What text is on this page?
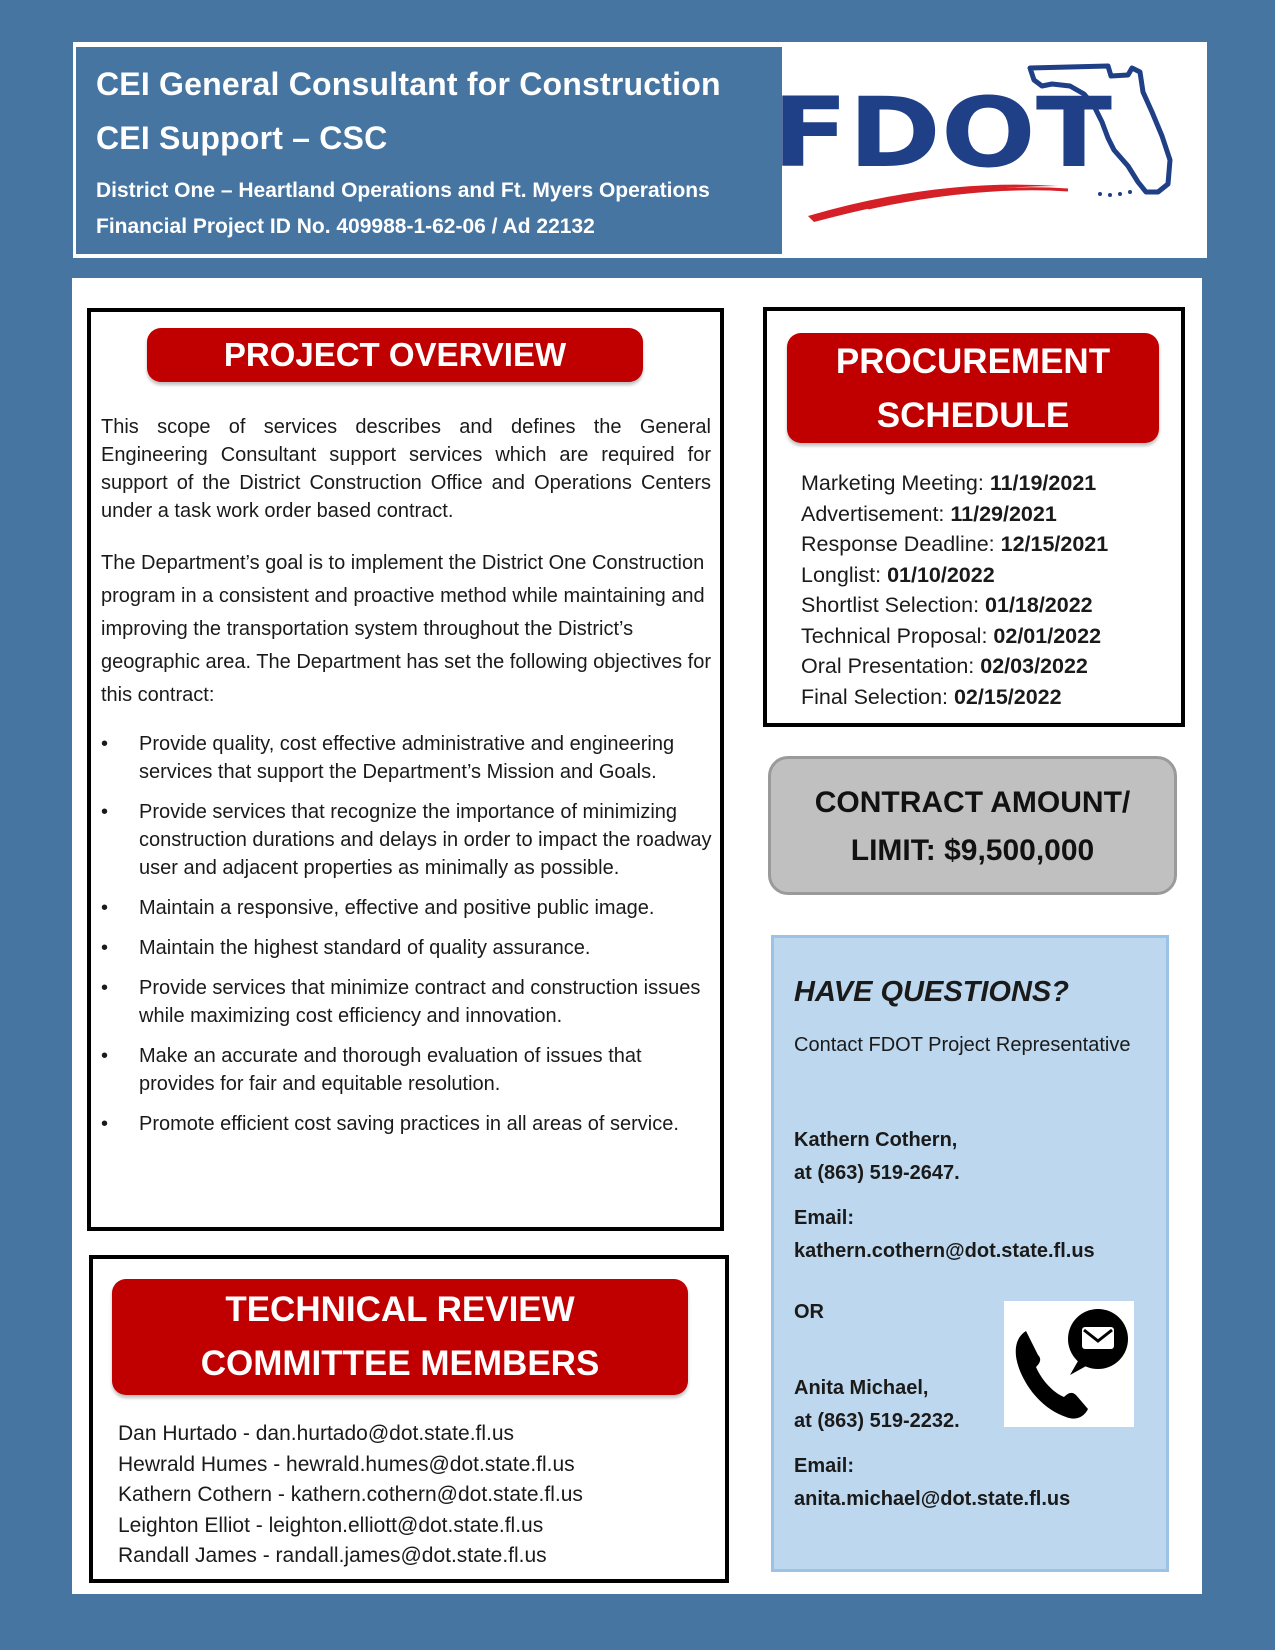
CEI General Consultant for Construction
CEI Support – CSC
District One – Heartland Operations and Ft. Myers Operations
Financial Project ID No. 409988-1-62-06 / Ad 22132
FDOT
PROJECT OVERVIEW
This scope of services describes and defines the General Engineering Consultant support services which are required for support of the District Construction Office and Operations Centers under a task work order based contract.
The Department’s goal is to implement the District One Construction program in a consistent and proactive method while maintaining and improving the transportation system throughout the District’s geographic area. The Department has set the following objectives for this contract:
• Provide quality, cost effective administrative and engineering services that support the Department’s Mission and Goals.
• Provide services that recognize the importance of minimizing construction durations and delays in order to impact the roadway user and adjacent properties as minimally as possible.
• Maintain a responsive, effective and positive public image.
• Maintain the highest standard of quality assurance.
• Provide services that minimize contract and construction issues while maximizing cost efficiency and innovation.
• Make an accurate and thorough evaluation of issues that provides for fair and equitable resolution.
• Promote efficient cost saving practices in all areas of service.
TECHNICAL REVIEW
COMMITTEE MEMBERS
Dan Hurtado - dan.hurtado@dot.state.fl.us
Hewrald Humes - hewrald.humes@dot.state.fl.us
Kathern Cothern - kathern.cothern@dot.state.fl.us
Leighton Elliot - leighton.elliott@dot.state.fl.us
Randall James - randall.james@dot.state.fl.us
PROCUREMENT
SCHEDULE
Marketing Meeting: 11/19/2021
Advertisement: 11/29/2021
Response Deadline: 12/15/2021
Longlist: 01/10/2022
Shortlist Selection: 01/18/2022
Technical Proposal: 02/01/2022
Oral Presentation: 02/03/2022
Final Selection: 02/15/2022
CONTRACT AMOUNT/
LIMIT: $9,500,000
HAVE QUESTIONS?
Contact FDOT Project Representative
Kathern Cothern,
at (863) 519-2647.
Email:
kathern.cothern@dot.state.fl.us
OR
Anita Michael,
at (863) 519-2232.
Email:
anita.michael@dot.state.fl.us
